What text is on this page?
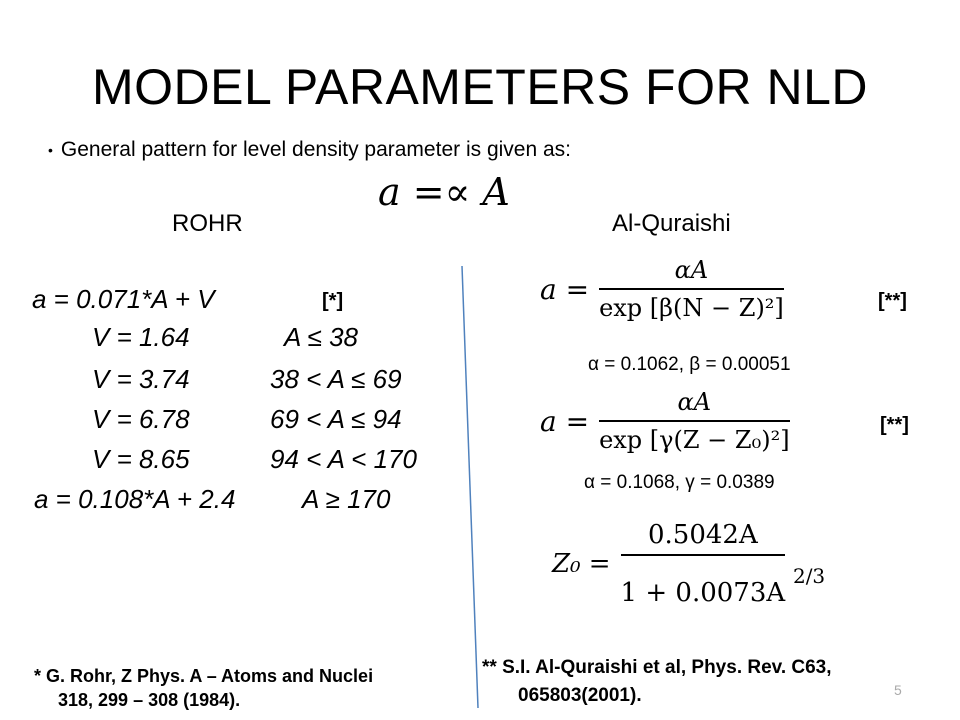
MODEL PARAMETERS FOR NLD
• General pattern for level density parameter is given as:
a =∝ A
ROHR	Al-Quraishi
a = 0.071*A + V	[*]
V = 1.64	A ≤ 38
V = 3.74	38 < A ≤ 69
V = 6.78	69 < A ≤ 94
V = 8.65	94 < A < 170
a = 0.108*A + 2.4	A ≥ 170
$a = \frac{\alpha A}{\text{exp [β(N − Z)²]}}$	[**]
α = 0.1062, β = 0.00051
$a = \frac{\alpha A}{\text{exp [γ(Z − Z₀)²]}}$	[**]
α = 0.1068, γ = 0.0389
Z₀ = 0.5042A
1 + 0.0073A
2/3
* G. Rohr, Z Phys. A – Atoms and Nuclei
318, 299 – 308 (1984).
** S.I. Al-Quraishi et al, Phys. Rev. C63,
065803(2001).	5
